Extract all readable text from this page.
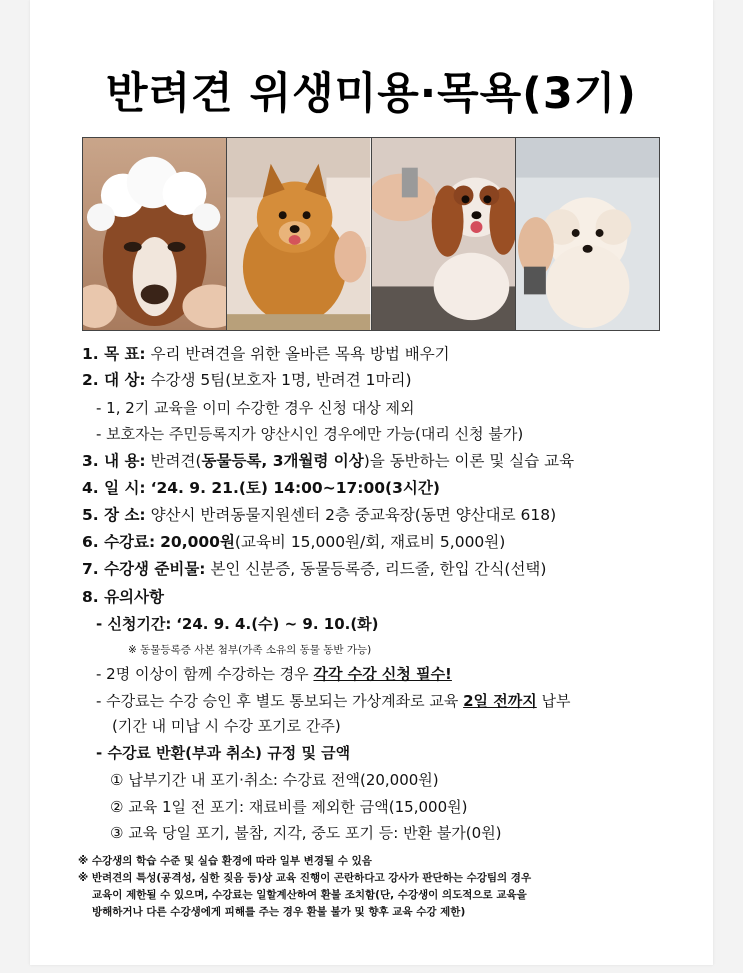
반려견 위생미용·목욕(3기)
1. 목 표: 우리 반려견을 위한 올바른 목욕 방법 배우기
2. 대 상: 수강생 5팀(보호자 1명, 반려견 1마리)
- 1, 2기 교육을 이미 수강한 경우 신청 대상 제외
- 보호자는 주민등록지가 양산시인 경우에만 가능(대리 신청 불가)
3. 내 용: 반려견(동물등록, 3개월령 이상)을 동반하는 이론 및 실습 교육
4. 일 시: ‘24. 9. 21.(토) 14:00~17:00(3시간)
5. 장 소: 양산시 반려동물지원센터 2층 중교육장(동면 양산대로 618)
6. 수강료: 20,000원(교육비 15,000원/회, 재료비 5,000원)
7. 수강생 준비물: 본인 신분증, 동물등록증, 리드줄, 한입 간식(선택)
8. 유의사항
- 신청기간: ‘24. 9. 4.(수) ~ 9. 10.(화)
※ 동물등록증 사본 첨부(가족 소유의 동물 동반 가능)
- 2명 이상이 함께 수강하는 경우 각각 수강 신청 필수!
- 수강료는 수강 승인 후 별도 통보되는 가상계좌로 교육 2일 전까지 납부
(기간 내 미납 시 수강 포기로 간주)
- 수강료 반환(부과 취소) 규정 및 금액
① 납부기간 내 포기·취소: 수강료 전액(20,000원)
② 교육 1일 전 포기: 재료비를 제외한 금액(15,000원)
③ 교육 당일 포기, 불참, 지각, 중도 포기 등: 반환 불가(0원)
※ 수강생의 학습 수준 및 실습 환경에 따라 일부 변경될 수 있음
※ 반려견의 특성(공격성, 심한 짖음 등)상 교육 진행이 곤란하다고 강사가 판단하는 수강팀의 경우
교육이 제한될 수 있으며, 수강료는 일할계산하여 환불 조치함(단, 수강생이 의도적으로 교육을
방해하거나 다른 수강생에게 피해를 주는 경우 환불 불가 및 향후 교육 수강 제한)
